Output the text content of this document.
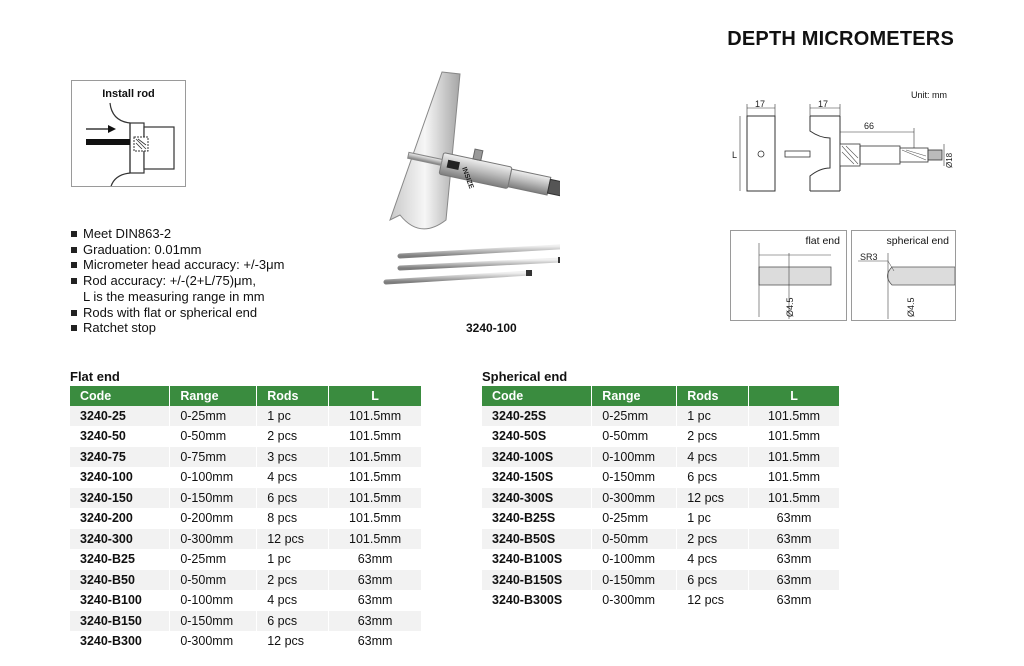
DEPTH MICROMETERS
Install rod
Meet DIN863-2
Graduation: 0.01mm
Micrometer head accuracy: +/-3μm
Rod accuracy: +/-(2+L/75)μm,
L is the measuring range in mm
Rods with flat or spherical end
Ratchet stop
INSIZE
3240-100
Unit: mm
17
L
17
66
Ø18
flat end
Ø4.5
spherical end
SR3
Ø4.5
Flat end
Code	Range	Rods	L
3240-25	0-25mm	1 pc	101.5mm
3240-50	0-50mm	2 pcs	101.5mm
3240-75	0-75mm	3 pcs	101.5mm
3240-100	0-100mm	4 pcs	101.5mm
3240-150	0-150mm	6 pcs	101.5mm
3240-200	0-200mm	8 pcs	101.5mm
3240-300	0-300mm	12 pcs	101.5mm
3240-B25	0-25mm	1 pc	63mm
3240-B50	0-50mm	2 pcs	63mm
3240-B100	0-100mm	4 pcs	63mm
3240-B150	0-150mm	6 pcs	63mm
3240-B300	0-300mm	12 pcs	63mm
Spherical end
Code	Range	Rods	L
3240-25S	0-25mm	1 pc	101.5mm
3240-50S	0-50mm	2 pcs	101.5mm
3240-100S	0-100mm	4 pcs	101.5mm
3240-150S	0-150mm	6 pcs	101.5mm
3240-300S	0-300mm	12 pcs	101.5mm
3240-B25S	0-25mm	1 pc	63mm
3240-B50S	0-50mm	2 pcs	63mm
3240-B100S	0-100mm	4 pcs	63mm
3240-B150S	0-150mm	6 pcs	63mm
3240-B300S	0-300mm	12 pcs	63mm
